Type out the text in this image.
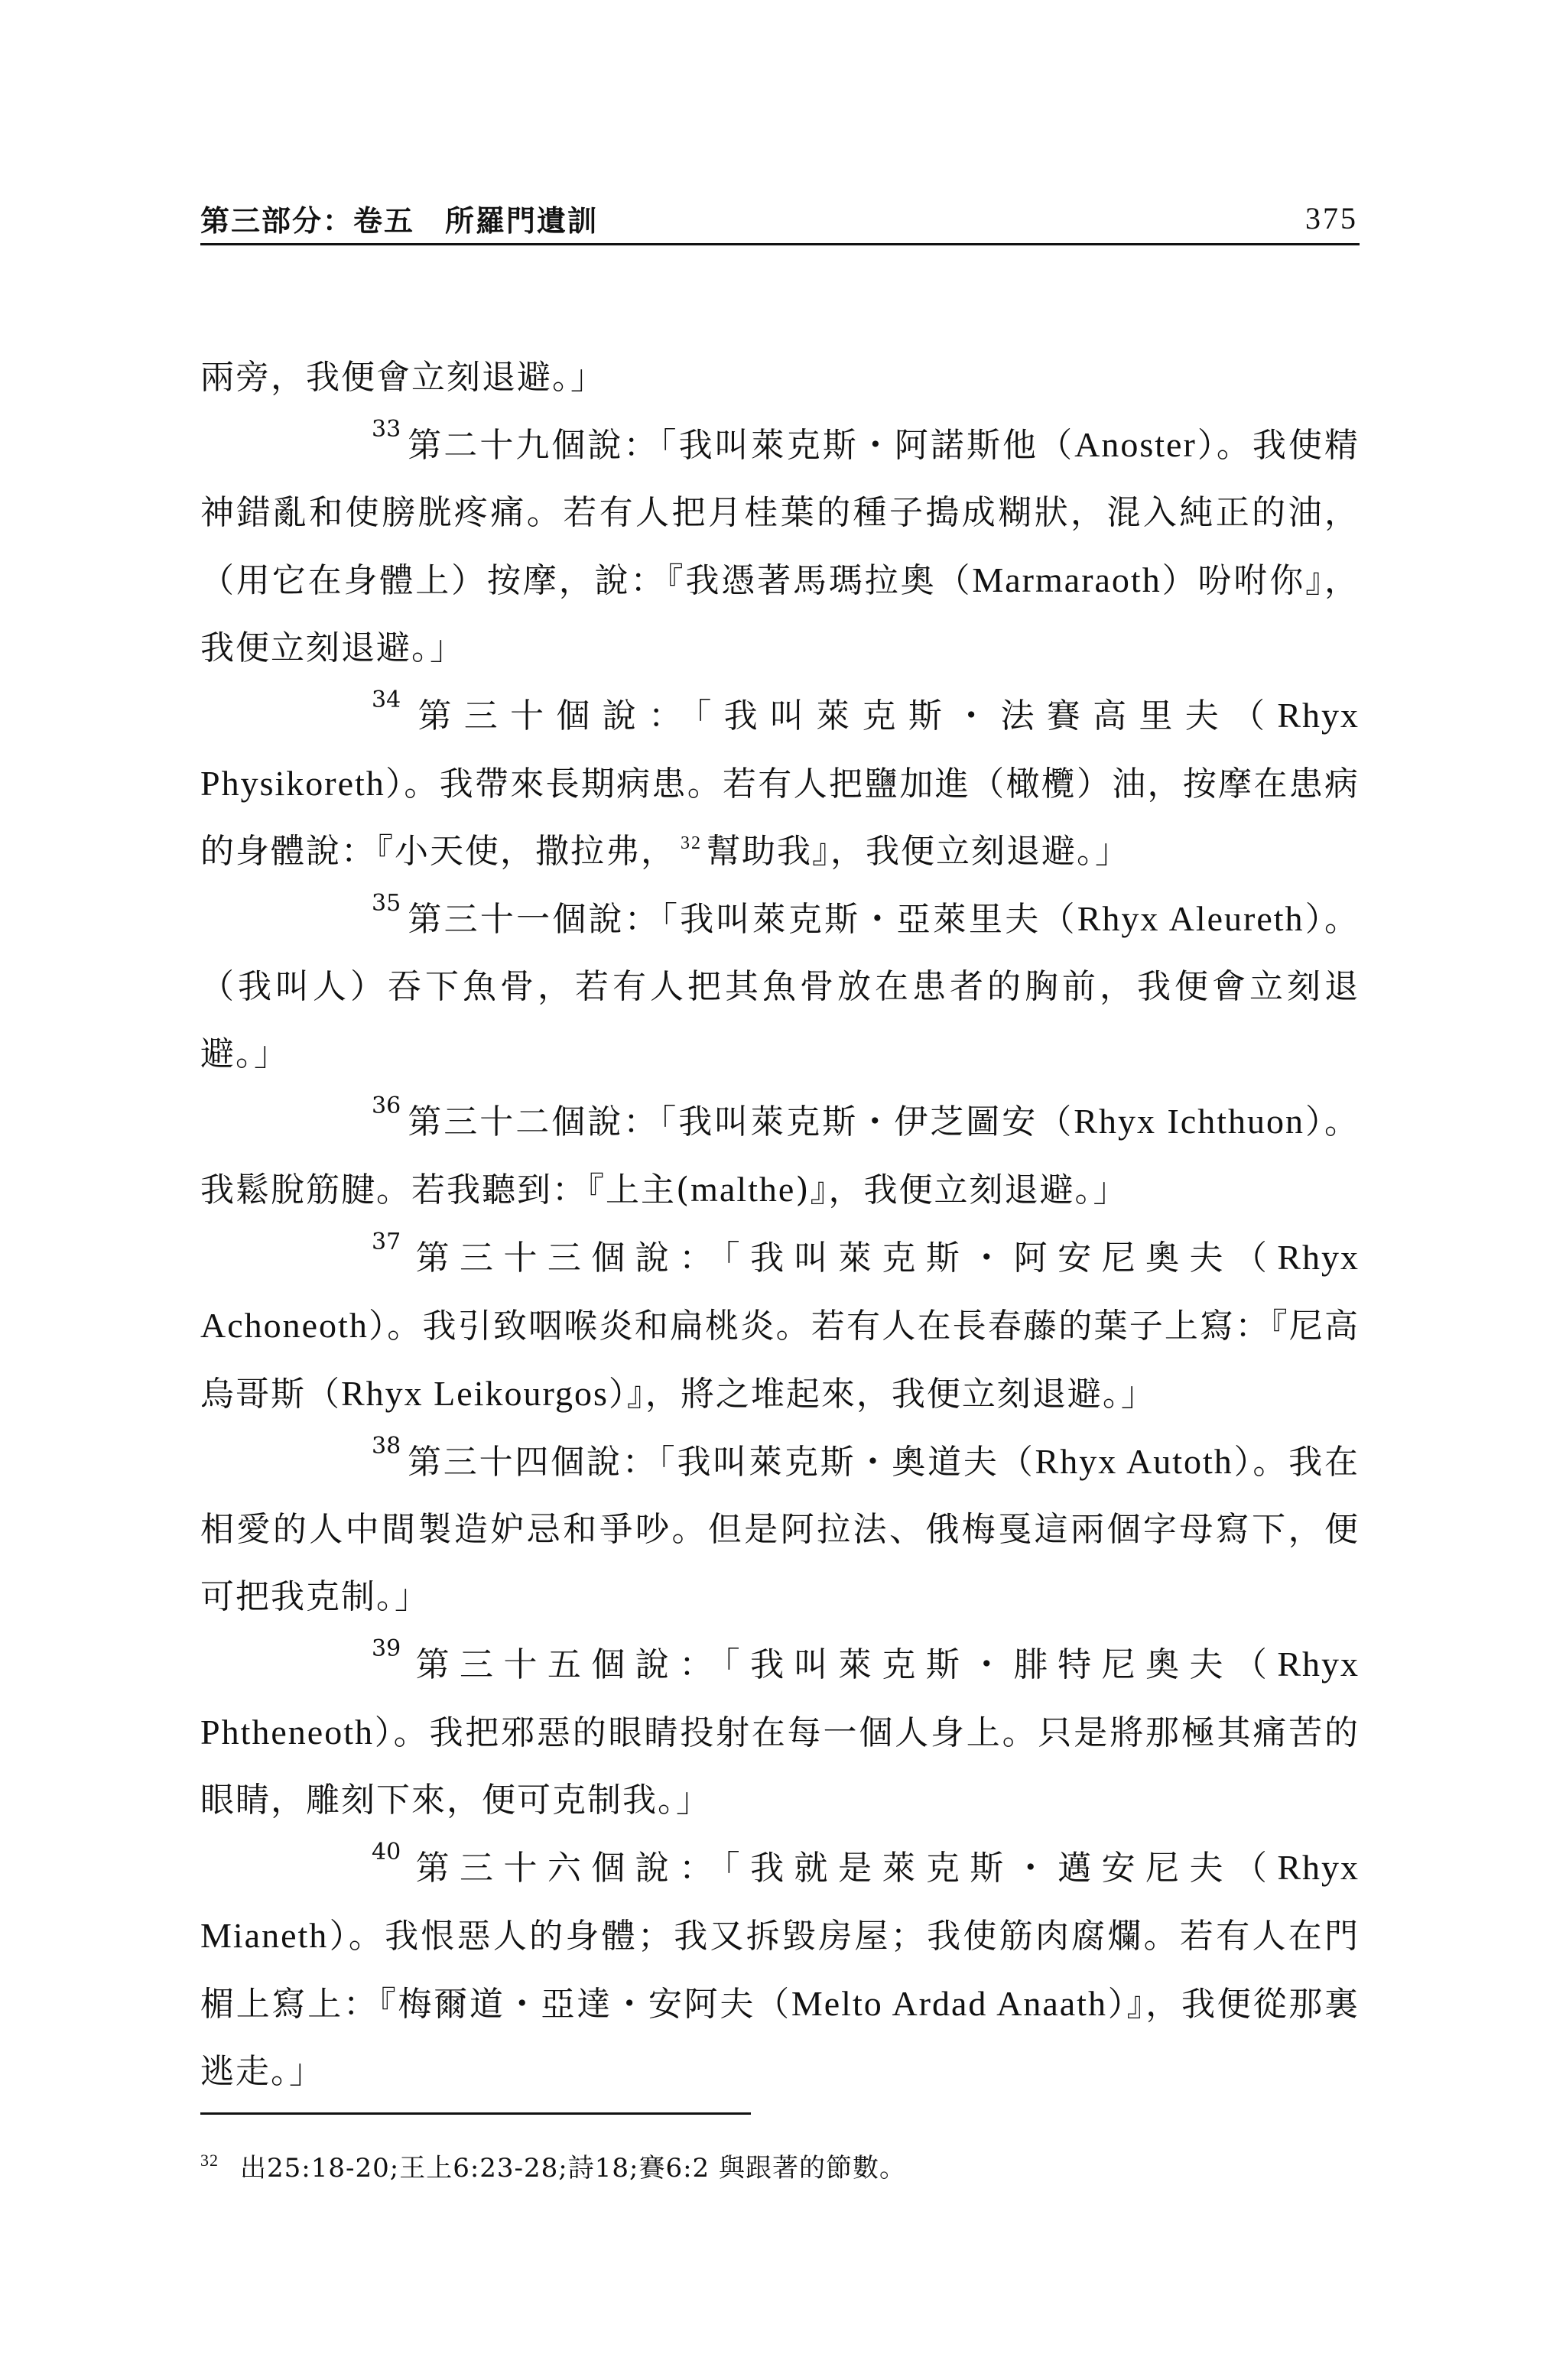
第三部分：卷五　所羅門遺訓	375

兩旁，我便會立刻退避。」

33 第二十九個說：「我叫萊克斯・阿諾斯他（Anoster）。我使精神錯亂和使膀胱疼痛。若有人把月桂葉的種子搗成糊狀，混入純正的油，（用它在身體上）按摩，說：『我憑著馬瑪拉奧（Marmaraoth）吩咐你』，我便立刻退避。」

34 第三十個說：「我叫萊克斯・法賽高里夫（Rhyx Physikoreth）。我帶來長期病患。若有人把鹽加進（橄欖）油，按摩在患病的身體說：『小天使，撒拉弗， $^{32}$ 幫助我』，我便立刻退避。」

35 第三十一個說：「我叫萊克斯・亞萊里夫（Rhyx Aleureth）。（我叫人）吞下魚骨，若有人把其魚骨放在患者的胸前，我便會立刻退避。」

36 第三十二個說：「我叫萊克斯・伊芝圖安（Rhyx Ichthuon）。我鬆脫筋腱。若我聽到：『上主(malthe)』，我便立刻退避。」

37 第三十三個說：「我叫萊克斯・阿安尼奧夫（Rhyx Achoneoth）。我引致咽喉炎和扁桃炎。若有人在長春藤的葉子上寫：『尼高烏哥斯（Rhyx Leikourgos）』，將之堆起來，我便立刻退避。」

38 第三十四個說：「我叫萊克斯・奧道夫（Rhyx Autoth）。我在相愛的人中間製造妒忌和爭吵。但是阿拉法、俄梅戛這兩個字母寫下，便可把我克制。」

39 第三十五個說：「我叫萊克斯・腓特尼奧夫（Rhyx Phtheneoth）。我把邪惡的眼睛投射在每一個人身上。只是將那極其痛苦的眼睛，雕刻下來，便可克制我。」

40 第三十六個說：「我就是萊克斯・邁安尼夫（Rhyx Mianeth）。我恨惡人的身體；我又拆毀房屋；我使筋肉腐爛。若有人在門楣上寫上：『梅爾道・亞達・安阿夫（Melto Ardad Anaath）』，我便從那裏逃走。」

$^{32}$ 出25:18-20;王上6:23-28;詩18;賽6:2 與跟著的節數。
